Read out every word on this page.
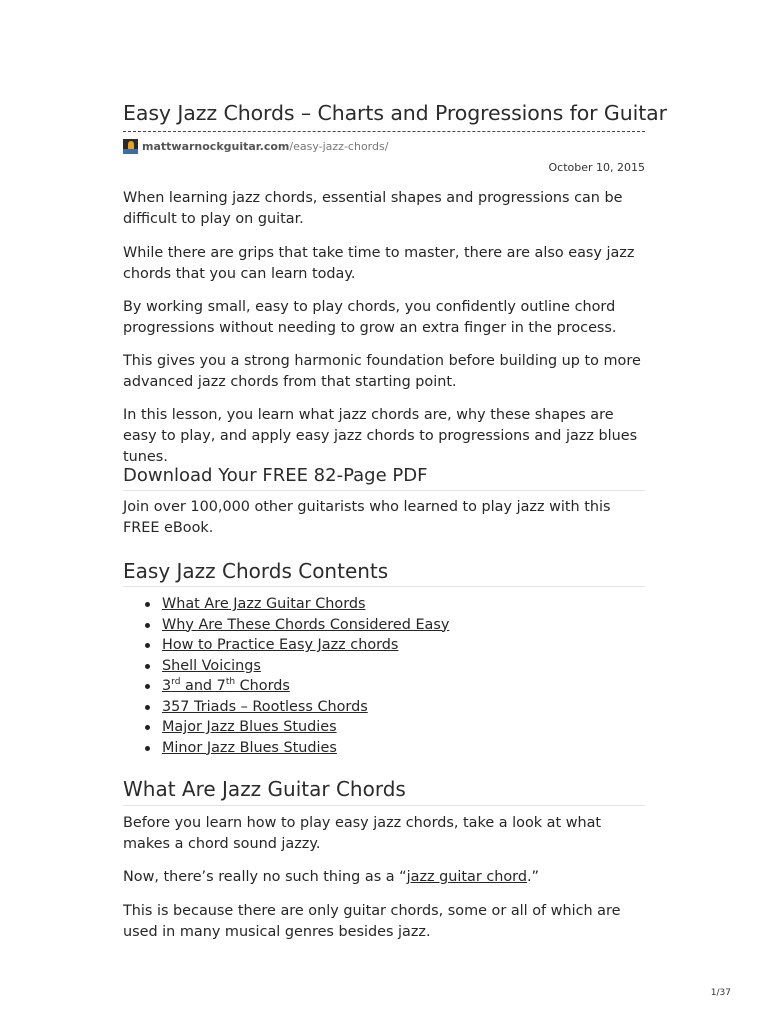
Easy Jazz Chords – Charts and Progressions for Guitar
mattwarnockguitar.com /easy-jazz-chords/
October 10, 2015

When learning jazz chords, essential shapes and progressions can be difficult to play on guitar.

While there are grips that take time to master, there are also easy jazz chords that you can learn today.

By working small, easy to play chords, you confidently outline chord progressions without needing to grow an extra finger in the process.

This gives you a strong harmonic foundation before building up to more advanced jazz chords from that starting point.

In this lesson, you learn what jazz chords are, why these shapes are easy to play, and apply easy jazz chords to progressions and jazz blues tunes.

Download Your FREE 82-Page PDF

Join over 100,000 other guitarists who learned to play jazz with this FREE eBook.

Easy Jazz Chords Contents
What Are Jazz Guitar Chords
Why Are These Chords Considered Easy
How to Practice Easy Jazz chords
Shell Voicings
3rd and 7th Chords
357 Triads – Rootless Chords
Major Jazz Blues Studies
Minor Jazz Blues Studies
What Are Jazz Guitar Chords

Before you learn how to play easy jazz chords, take a look at what makes a chord sound jazzy.

Now, there’s really no such thing as a “jazz guitar chord.”

This is because there are only guitar chords, some or all of which are used in many musical genres besides jazz.

1/37
